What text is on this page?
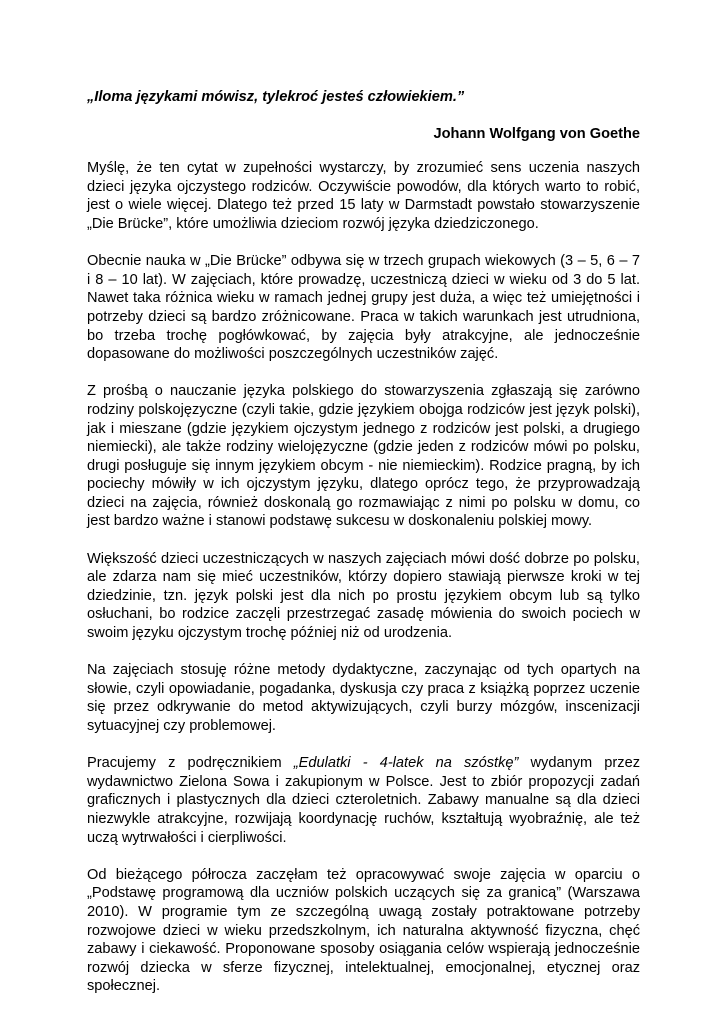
„Iloma językami mówisz, tylekroć jesteś człowiekiem.”

Johann Wolfgang von Goethe

Myślę, że ten cytat w zupełności wystarczy, by zrozumieć sens uczenia naszych dzieci języka ojczystego rodziców. Oczywiście powodów, dla których warto to robić, jest o wiele więcej. Dlatego też przed 15 laty w Darmstadt powstało stowarzyszenie „Die Brücke”, które umożliwia dzieciom rozwój języka dziedziczonego.

Obecnie nauka w „Die Brücke” odbywa się w trzech grupach wiekowych (3 – 5, 6 – 7 i 8 – 10 lat). W zajęciach, które prowadzę, uczestniczą dzieci w wieku od 3 do 5 lat. Nawet taka różnica wieku w ramach jednej grupy jest duża, a więc też umiejętności i potrzeby dzieci są bardzo zróżnicowane. Praca w takich warunkach jest utrudniona, bo trzeba trochę pogłówkować, by zajęcia były atrakcyjne, ale jednocześnie dopasowane do możliwości poszczególnych uczestników zajęć.

Z prośbą o nauczanie języka polskiego do stowarzyszenia zgłaszają się zarówno rodziny polskojęzyczne (czyli takie, gdzie językiem obojga rodziców jest język polski), jak i mieszane (gdzie językiem ojczystym jednego z rodziców jest polski, a drugiego niemiecki), ale także rodziny wielojęzyczne (gdzie jeden z rodziców mówi po polsku, drugi posługuje się innym językiem obcym - nie niemieckim). Rodzice pragną, by ich pociechy mówiły w ich ojczystym języku, dlatego oprócz tego, że przyprowadzają dzieci na zajęcia, również doskonalą go rozmawiając z nimi po polsku w domu, co jest bardzo ważne i stanowi podstawę sukcesu w doskonaleniu polskiej mowy.

Większość dzieci uczestniczących w naszych zajęciach mówi dość dobrze po polsku, ale zdarza nam się mieć uczestników, którzy dopiero stawiają pierwsze kroki w tej dziedzinie, tzn. język polski jest dla nich po prostu językiem obcym lub są tylko osłuchani, bo rodzice zaczęli przestrzegać zasadę mówienia do swoich pociech w swoim języku ojczystym trochę później niż od urodzenia.

Na zajęciach stosuję różne metody dydaktyczne, zaczynając od tych opartych na słowie, czyli opowiadanie, pogadanka, dyskusja czy praca z książką poprzez uczenie się przez odkrywanie do metod aktywizujących, czyli burzy mózgów, inscenizacji sytuacyjnej czy problemowej.

Pracujemy z podręcznikiem „Edulatki - 4-latek na szóstkę” wydanym przez wydawnictwo Zielona Sowa i zakupionym w Polsce. Jest to zbiór propozycji zadań graficznych i plastycznych dla dzieci czteroletnich. Zabawy manualne są dla dzieci niezwykle atrakcyjne, rozwijają koordynację ruchów, kształtują wyobraźnię, ale też uczą wytrwałości i cierpliwości.

Od bieżącego półrocza zaczęłam też opracowywać swoje zajęcia w oparciu o „Podstawę programową dla uczniów polskich uczących się za granicą” (Warszawa 2010). W programie tym ze szczególną uwagą zostały potraktowane potrzeby rozwojowe dzieci w wieku przedszkolnym, ich naturalna aktywność fizyczna, chęć zabawy i ciekawość. Proponowane sposoby osiągania celów wspierają jednocześnie rozwój dziecka w sferze fizycznej, intelektualnej, emocjonalnej, etycznej oraz społecznej.
